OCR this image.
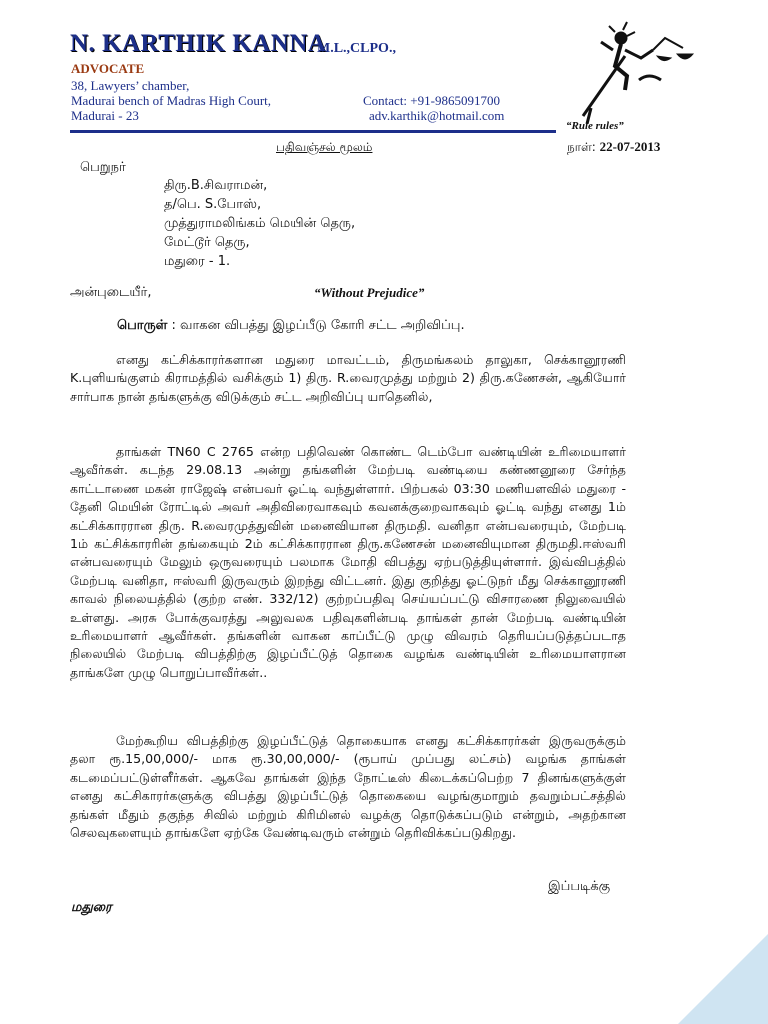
N. KARTHIK KANNA
M.L.,CLPO.,
ADVOCATE
38, Lawyers’ chamber,
Madurai bench of Madras High Court,	Contact: +91-9865091700
Madurai - 23	adv.karthik@hotmail.com
“Rule rules”
பதிவஞ்சல் மூலம்	நாள்: 22-07-2013
பெறுநர்
திரு.B.சிவராமன்,
த/பெ. S.போஸ்,
முத்துராமலிங்கம் மெயின் தெரு,
மேட்டூர் தெரு,
மதுரை - 1.
அன்புடையீர்,	“Without Prejudice”
பொருள் : வாகன விபத்து இழப்பீடு கோரி சட்ட அறிவிப்பு.
எனது கட்சிக்காரர்களான மதுரை மாவட்டம், திருமங்கலம் தாலுகா, செக்கானூரணி K.புளியங்குளம் கிராமத்தில் வசிக்கும் 1) திரு. R.வைரமுத்து மற்றும் 2) திரு.கணேசன், ஆகியோர் சார்பாக நான் தங்களுக்கு விடுக்கும் சட்ட அறிவிப்பு யாதெனில்,
தாங்கள் TN60 C 2765 என்ற பதிவெண் கொண்ட டெம்போ வண்டியின் உரிமையாளர் ஆவீர்கள். கடந்த 29.08.13 அன்று தங்களின் மேற்படி வண்டியை கண்ணனூரை சேர்ந்த காட்டாணை மகன் ராஜேஷ் என்பவர் ஓட்டி வந்துள்ளார். பிற்பகல் 03:30 மணியளவில் மதுரை - தேனி மெயின் ரோட்டில் அவர் அதிவிரைவாகவும் கவனக்குறைவாகவும் ஓட்டி வந்து எனது 1ம் கட்சிக்காரரான திரு. R.வைரமுத்துவின் மனைவியான திருமதி. வனிதா என்பவரையும், மேற்படி 1ம் கட்சிக்காரரின் தங்கையும் 2ம் கட்சிக்காரரான திரு.கணேசன் மனைவியுமான திருமதி.ஈஸ்வரி என்பவரையும் மேலும் ஒருவரையும் பலமாக மோதி விபத்து ஏற்படுத்தியுள்ளார். இவ்விபத்தில் மேற்படி வனிதா, ஈஸ்வரி இருவரும் இறந்து விட்டனர். இது குறித்து ஓட்டுநர் மீது செக்கானூரணி காவல் நிலையத்தில் (குற்ற எண். 332/12) குற்றப்பதிவு செய்யப்பட்டு விசாரணை நிலுவையில் உள்ளது. அரசு போக்குவரத்து அலுவலக பதிவுகளின்படி தாங்கள் தான் மேற்படி வண்டியின் உரிமையாளர் ஆவீர்கள். தங்களின் வாகன காப்பீட்டு முழு விவரம் தெரியப்படுத்தப்படாத நிலையில் மேற்படி விபத்திற்கு இழப்பீட்டுத் தொகை வழங்க வண்டியின் உரிமையாளரான தாங்களே முழு பொறுப்பாவீர்கள்..
மேற்கூறிய விபத்திற்கு இழப்பீட்டுத் தொகையாக எனது கட்சிக்காரர்கள் இருவருக்கும் தலா ரூ.15,00,000/- மாக ரூ.30,00,000/- (ரூபாய் முப்பது லட்சம்) வழங்க தாங்கள் கடமைப்பட்டுள்ளீர்கள். ஆகவே தாங்கள் இந்த நோட்டீஸ் கிடைக்கப்பெற்ற 7 தினங்களுக்குள் எனது கட்சிகாரர்களுக்கு விபத்து இழப்பீட்டுத் தொகையை வழங்குமாறும் தவறும்பட்சத்தில் தங்கள் மீதும் தகுந்த சிவில் மற்றும் கிரிமினல் வழக்கு தொடுக்கப்படும் என்றும், அதற்கான செலவுகளையும் தாங்களே ஏற்கே வேண்டிவரும் என்றும் தெரிவிக்கப்படுகிறது.
இப்படிக்கு
மதுரை
